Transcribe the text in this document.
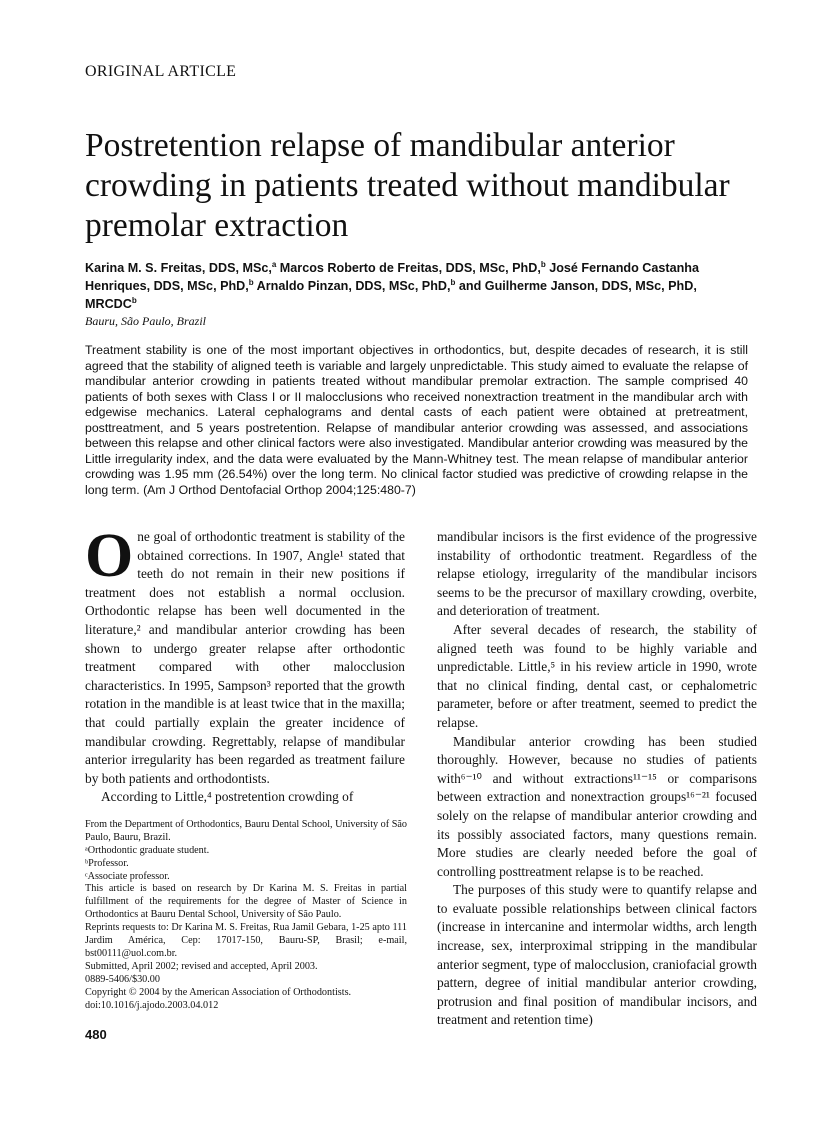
ORIGINAL ARTICLE
Postretention relapse of mandibular anterior crowding in patients treated without mandibular premolar extraction
Karina M. S. Freitas, DDS, MSc,$^a$ Marcos Roberto de Freitas, DDS, MSc, PhD,$^b$ José Fernando Castanha Henriques, DDS, MSc, PhD,$^b$ Arnaldo Pinzan, DDS, MSc, PhD,$^b$ and Guilherme Janson, DDS, MSc, PhD, MRCDC$^b$
Bauru, São Paulo, Brazil
Treatment stability is one of the most important objectives in orthodontics, but, despite decades of research, it is still agreed that the stability of aligned teeth is variable and largely unpredictable. This study aimed to evaluate the relapse of mandibular anterior crowding in patients treated without mandibular premolar extraction. The sample comprised 40 patients of both sexes with Class I or II malocclusions who received nonextraction treatment in the mandibular arch with edgewise mechanics. Lateral cephalograms and dental casts of each patient were obtained at pretreatment, posttreatment, and 5 years postretention. Relapse of mandibular anterior crowding was assessed, and associations between this relapse and other clinical factors were also investigated. Mandibular anterior crowding was measured by the Little irregularity index, and the data were evaluated by the Mann-Whitney test. The mean relapse of mandibular anterior crowding was 1.95 mm (26.54%) over the long term. No clinical factor studied was predictive of crowding relapse in the long term. (Am J Orthod Dentofacial Orthop 2004;125:480-7)

One goal of orthodontic treatment is stability of the obtained corrections. In 1907, Angle¹ stated that teeth do not remain in their new positions if treatment does not establish a normal occlusion. Orthodontic relapse has been well documented in the literature,² and mandibular anterior crowding has been shown to undergo greater relapse after orthodontic treatment compared with other malocclusion characteristics. In 1995, Sampson³ reported that the growth rotation in the mandible is at least twice that in the maxilla; that could partially explain the greater incidence of mandibular crowding. Regrettably, relapse of mandibular anterior irregularity has been regarded as treatment failure by both patients and orthodontists.

According to Little,⁴ postretention crowding of

From the Department of Orthodontics, Bauru Dental School, University of São Paulo, Bauru, Brazil.
ᵃOrthodontic graduate student.
ᵇProfessor.
ᶜAssociate professor.
This article is based on research by Dr Karina M. S. Freitas in partial fulfillment of the requirements for the degree of Master of Science in Orthodontics at Bauru Dental School, University of São Paulo.
Reprints requests to: Dr Karina M. S. Freitas, Rua Jamil Gebara, 1-25 apto 111 Jardim América, Cep: 17017-150, Bauru-SP, Brasil; e-mail, bst00111@uol.com.br.
Submitted, April 2002; revised and accepted, April 2003.
0889-5406/$30.00
Copyright © 2004 by the American Association of Orthodontists.
doi:10.1016/j.ajodo.2003.04.012
480

mandibular incisors is the first evidence of the progressive instability of orthodontic treatment. Regardless of the relapse etiology, irregularity of the mandibular incisors seems to be the precursor of maxillary crowding, overbite, and deterioration of treatment.

After several decades of research, the stability of aligned teeth was found to be highly variable and unpredictable. Little,⁵ in his review article in 1990, wrote that no clinical finding, dental cast, or cephalometric parameter, before or after treatment, seemed to predict the relapse.

Mandibular anterior crowding has been studied thoroughly. However, because no studies of patients with⁶⁻¹⁰ and without extractions¹¹⁻¹⁵ or comparisons between extraction and nonextraction groups¹⁶⁻²¹ focused solely on the relapse of mandibular anterior crowding and its possibly associated factors, many questions remain. More studies are clearly needed before the goal of controlling posttreatment relapse is to be reached.

The purposes of this study were to quantify relapse and to evaluate possible relationships between clinical factors (increase in intercanine and intermolar widths, arch length increase, sex, interproximal stripping in the mandibular anterior segment, type of malocclusion, craniofacial growth pattern, degree of initial mandibular anterior crowding, protrusion and final position of mandibular incisors, and treatment and retention time)
